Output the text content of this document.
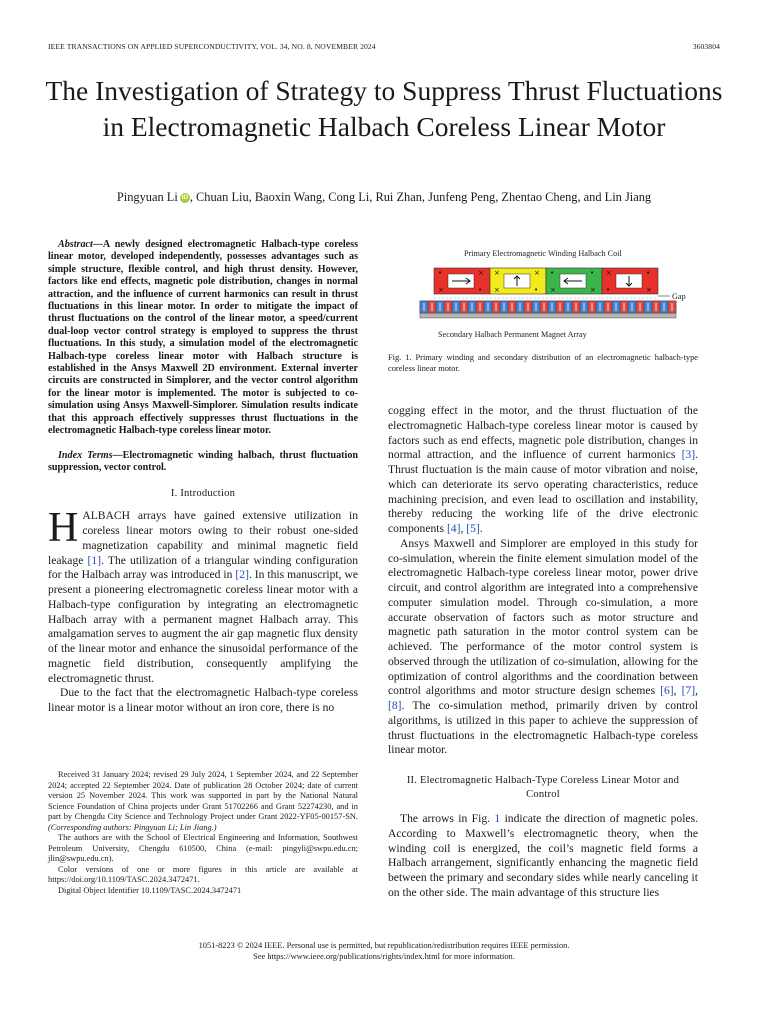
IEEE TRANSACTIONS ON APPLIED SUPERCONDUCTIVITY, VOL. 34, NO. 8, NOVEMBER 2024	3603804
The Investigation of Strategy to Suppress Thrust Fluctuations in Electromagnetic Halbach Coreless Linear Motor
Pingyuan Li iD , Chuan Liu, Baoxin Wang, Cong Li, Rui Zhan, Junfeng Peng, Zhentao Cheng, and Lin Jiang

Abstract—A newly designed electromagnetic Halbach-type coreless linear motor, developed independently, possesses advantages such as simple structure, flexible control, and high thrust density. However, factors like end effects, magnetic pole distribution, changes in normal attraction, and the influence of current harmonics can result in thrust fluctuations in this linear motor. In order to mitigate the impact of thrust fluctuations on the control of the linear motor, a speed/current dual-loop vector control strategy is employed to suppress the thrust fluctuations. In this study, a simulation model of the electromagnetic Halbach-type coreless linear motor with Halbach structure is established in the Ansys Maxwell 2D environment. External inverter circuits are constructed in Simplorer, and the vector control algorithm for the linear motor is implemented. The motor is subjected to co-simulation using Ansys Maxwell-Simplorer. Simulation results indicate that this approach effectively suppresses thrust fluctuations in the electromagnetic Halbach-type coreless linear motor.

Index Terms—Electromagnetic winding halbach, thrust fluctuation suppression, vector control.

I. Introduction

HALBACH arrays have gained extensive utilization in coreless linear motors owing to their robust one-sided magnetization capability and minimal magnetic field leakage [1]. The utilization of a triangular winding configuration for the Halbach array was introduced in [2]. In this manuscript, we present a pioneering electromagnetic coreless linear motor with a Halbach-type configuration by integrating an electromagnetic Halbach array with a permanent magnet Halbach array. This amalgamation serves to augment the air gap magnetic flux density of the linear motor and enhance the sinusoidal performance of the magnetic field distribution, consequently amplifying the electromagnetic thrust.

Due to the fact that the electromagnetic Halbach-type coreless linear motor is a linear motor without an iron core, there is no

Received 31 January 2024; revised 29 July 2024, 1 September 2024, and 22 September 2024; accepted 22 September 2024. Date of publication 28 October 2024; date of current version 25 November 2024. This work was supported in part by the National Natural Science Foundation of China projects under Grant 51702266 and Grant 52274230, and in part by Chengdu City Science and Technology Project under Grant 2022-YF05-00157-SN. (Corresponding authors: Pingyuan Li; Lin Jiang.)

The authors are with the School of Electrical Engineering and Information, Southwest Petroleum University, Chengdu 610500, China (e-mail: pingyli@swpu.edu.cn; jlin@swpu.edu.cn).

Color versions of one or more figures in this article are available at https://doi.org/10.1109/TASC.2024.3472471.

Digital Object Identifier 10.1109/TASC.2024.3472471

Primary Electromagnetic Winding Halbach Coil
•	×
×	•
×	×
×	•
•	•
×	×
×	•
•	×
Gap
Secondary Halbach Permanent Magnet Array

Fig. 1. Primary winding and secondary distribution of an electromagnetic halbach-type coreless linear motor.

cogging effect in the motor, and the thrust fluctuation of the electromagnetic Halbach-type coreless linear motor is caused by factors such as end effects, magnetic pole distribution, changes in normal attraction, and the influence of current harmonics [3]. Thrust fluctuation is the main cause of motor vibration and noise, which can deteriorate its servo operating characteristics, reduce machining precision, and even lead to oscillation and instability, thereby reducing the working life of the drive electronic components [4], [5].

Ansys Maxwell and Simplorer are employed in this study for co-simulation, wherein the finite element simulation model of the electromagnetic Halbach-type coreless linear motor, power drive circuit, and control algorithm are integrated into a comprehensive computer simulation model. Through co-simulation, a more accurate observation of factors such as motor structure and magnetic path saturation in the motor control system can be achieved. The performance of the motor control system is observed through the utilization of co-simulation, allowing for the optimization of control algorithms and the coordination between control algorithms and motor structure design schemes [6], [7], [8]. The co-simulation method, primarily driven by control algorithms, is utilized in this paper to achieve the suppression of thrust fluctuations in the electromagnetic Halbach-type coreless linear motor.

II. Electromagnetic Halbach-Type Coreless Linear Motor and Control

The arrows in Fig. 1 indicate the direction of magnetic poles. According to Maxwell’s electromagnetic theory, when the winding coil is energized, the coil’s magnetic field forms a Halbach arrangement, significantly enhancing the magnetic field between the primary and secondary sides while nearly canceling it on the other side. The main advantage of this structure lies

1051-8223 © 2024 IEEE. Personal use is permitted, but republication/redistribution requires IEEE permission.
See https://www.ieee.org/publications/rights/index.html for more information.
